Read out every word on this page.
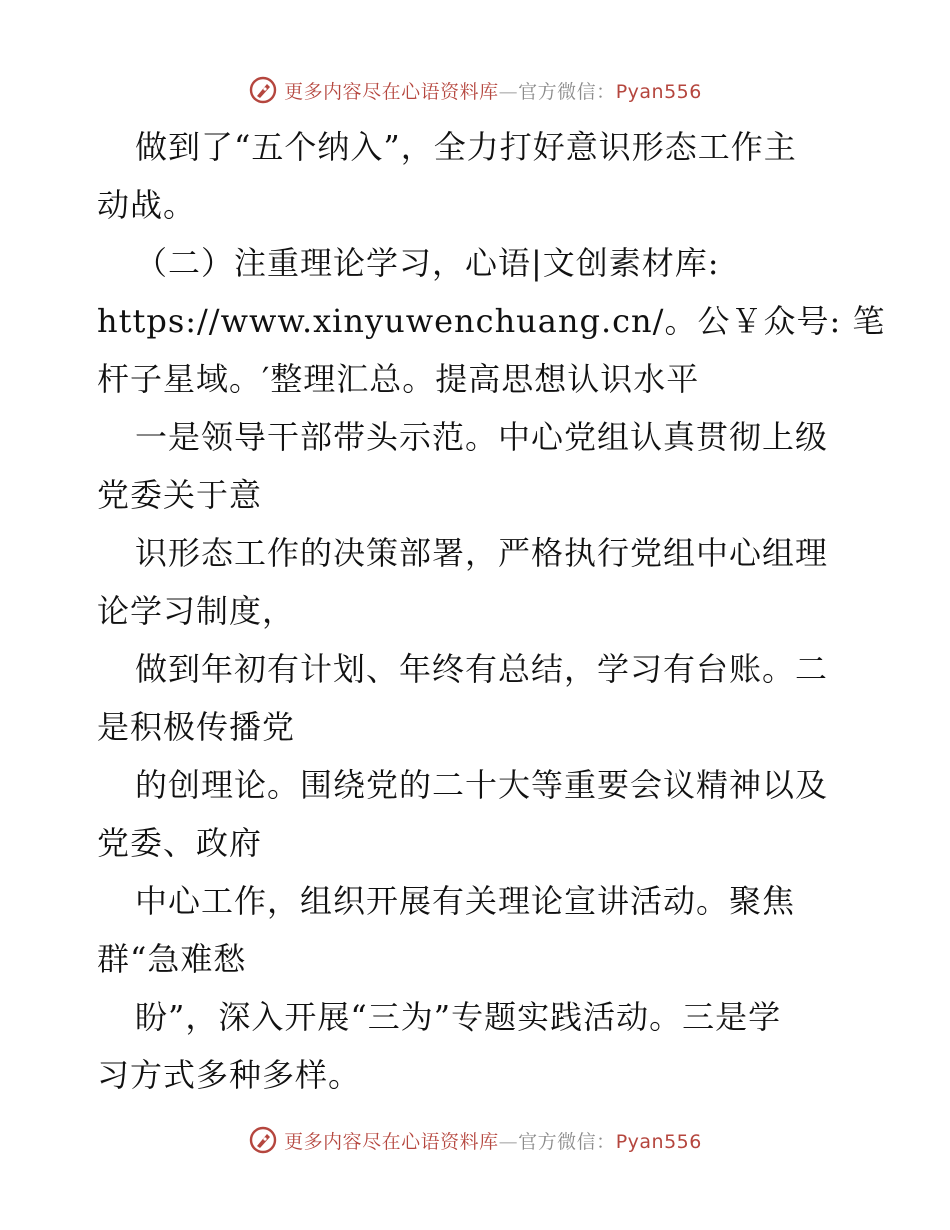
更多内容尽在心语资料库—官方微信：Pyan556
做到了“五个纳入”，全力打好意识形态工作主
动战。
（二）注重理论学习，心语|文创素材库:
https://www.xinyuwenchuang.cn/。公￥众号: 笔
杆子星域。′整理汇总。提高思想认识水平
一是领导干部带头示范。中心党组认真贯彻上级
党委关于意
识形态工作的决策部署，严格执行党组中心组理
论学习制度，
做到年初有计划、年终有总结，学习有台账。二
是积极传播党
的创理论。围绕党的二十大等重要会议精神以及
党委、政府
中心工作，组织开展有关理论宣讲活动。聚焦
群“急难愁
盼”，深入开展“三为”专题实践活动。三是学
习方式多种多样。
更多内容尽在心语资料库—官方微信：Pyan556
